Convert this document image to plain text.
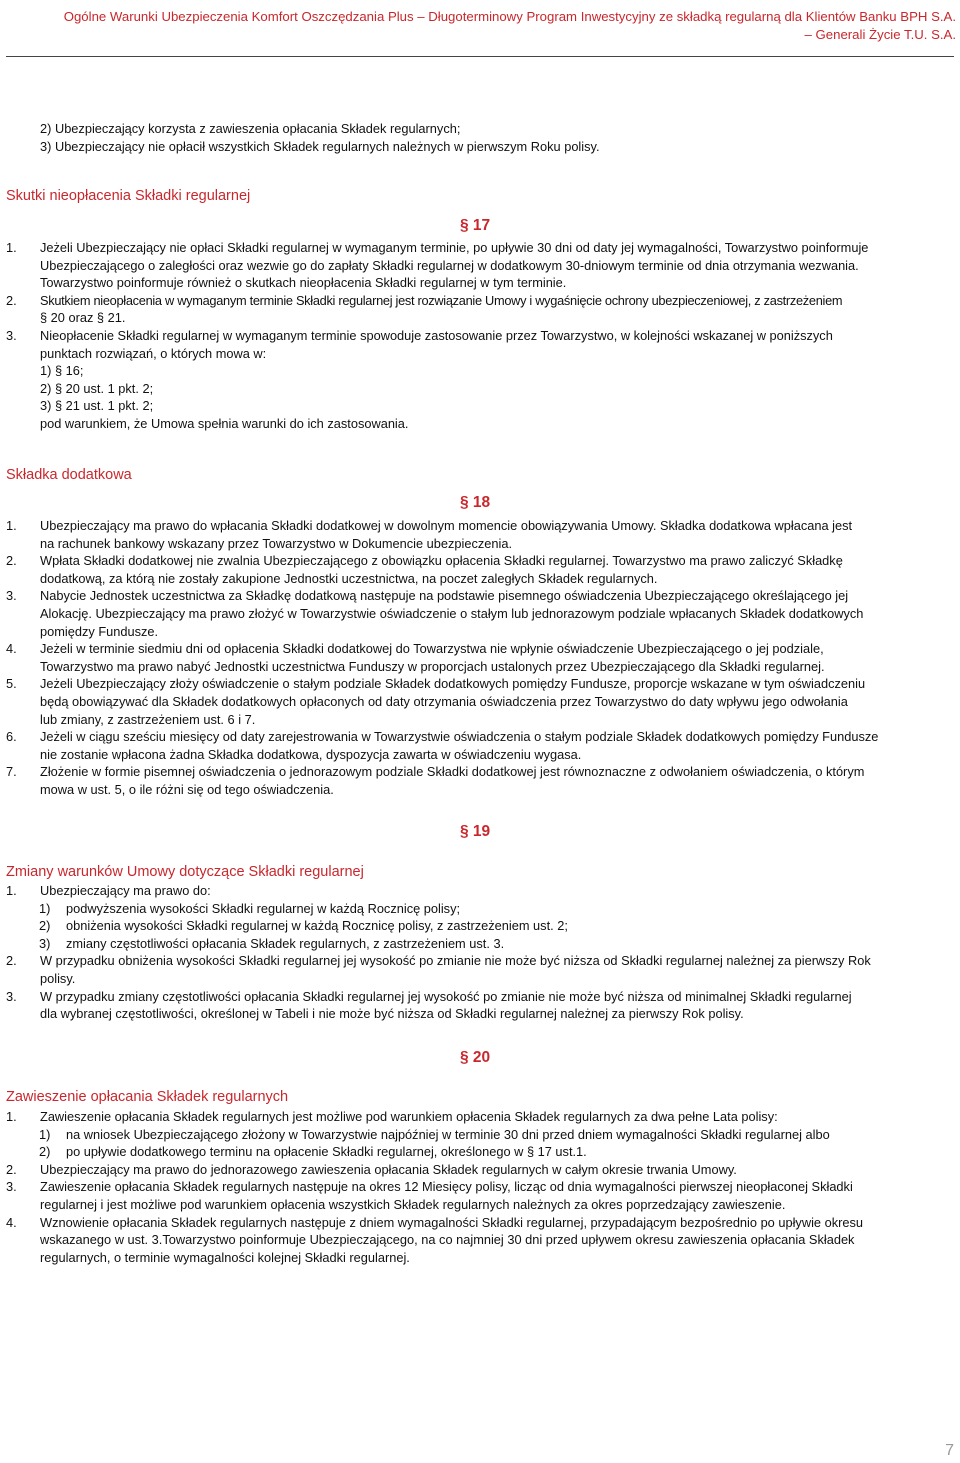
Ogólne Warunki Ubezpieczenia Komfort Oszczędzania Plus – Długoterminowy Program Inwestycyjny ze składką regularną dla Klientów Banku BPH S.A.
– Generali Życie T.U. S.A.
2) Ubezpieczający korzysta z zawieszenia opłacania Składek regularnych;
3) Ubezpieczający nie opłacił wszystkich Składek regularnych należnych w pierwszym Roku polisy.
Skutki nieopłacenia Składki regularnej
§ 17
1. Jeżeli Ubezpieczający nie opłaci Składki regularnej w wymaganym terminie, po upływie 30 dni od daty jej wymagalności, Towarzystwo poinformuje
Ubezpieczającego o zaległości oraz wezwie go do zapłaty Składki regularnej w dodatkowym 30-dniowym terminie od dnia otrzymania wezwania.
Towarzystwo poinformuje również o skutkach nieopłacenia Składki regularnej w tym terminie.
2. Skutkiem nieopłacenia w wymaganym terminie Składki regularnej jest rozwiązanie Umowy i wygaśnięcie ochrony ubezpieczeniowej, z zastrzeżeniem
§ 20 oraz § 21.
3. Nieopłacenie Składki regularnej w wymaganym terminie spowoduje zastosowanie przez Towarzystwo, w kolejności wskazanej w poniższych
punktach rozwiązań, o których mowa w:
1) § 16;
2) § 20 ust. 1 pkt. 2;
3) § 21 ust. 1 pkt. 2;
pod warunkiem, że Umowa spełnia warunki do ich zastosowania.
Składka dodatkowa
§ 18
1. Ubezpieczający ma prawo do wpłacania Składki dodatkowej w dowolnym momencie obowiązywania Umowy. Składka dodatkowa wpłacana jest
na rachunek bankowy wskazany przez Towarzystwo w Dokumencie ubezpieczenia.
2. Wpłata Składki dodatkowej nie zwalnia Ubezpieczającego z obowiązku opłacenia Składki regularnej. Towarzystwo ma prawo zaliczyć Składkę
dodatkową, za którą nie zostały zakupione Jednostki uczestnictwa, na poczet zaległych Składek regularnych.
3. Nabycie Jednostek uczestnictwa za Składkę dodatkową następuje na podstawie pisemnego oświadczenia Ubezpieczającego określającego jej
Alokację. Ubezpieczający ma prawo złożyć w Towarzystwie oświadczenie o stałym lub jednorazowym podziale wpłacanych Składek dodatkowych
pomiędzy Fundusze.
4. Jeżeli w terminie siedmiu dni od opłacenia Składki dodatkowej do Towarzystwa nie wpłynie oświadczenie Ubezpieczającego o jej podziale,
Towarzystwo ma prawo nabyć Jednostki uczestnictwa Funduszy w proporcjach ustalonych przez Ubezpieczającego dla Składki regularnej.
5. Jeżeli Ubezpieczający złoży oświadczenie o stałym podziale Składek dodatkowych pomiędzy Fundusze, proporcje wskazane w tym oświadczeniu
będą obowiązywać dla Składek dodatkowych opłaconych od daty otrzymania oświadczenia przez Towarzystwo do daty wpływu jego odwołania
lub zmiany, z zastrzeżeniem ust. 6 i 7.
6. Jeżeli w ciągu sześciu miesięcy od daty zarejestrowania w Towarzystwie oświadczenia o stałym podziale Składek dodatkowych pomiędzy Fundusze
nie zostanie wpłacona żadna Składka dodatkowa, dyspozycja zawarta w oświadczeniu wygasa.
7. Złożenie w formie pisemnej oświadczenia o jednorazowym podziale Składki dodatkowej jest równoznaczne z odwołaniem oświadczenia, o którym
mowa w ust. 5, o ile różni się od tego oświadczenia.
§ 19
Zmiany warunków Umowy dotyczące Składki regularnej
1. Ubezpieczający ma prawo do:
1) podwyższenia wysokości Składki regularnej w każdą Rocznicę polisy;
2) obniżenia wysokości Składki regularnej w każdą Rocznicę polisy, z zastrzeżeniem ust. 2;
3) zmiany częstotliwości opłacania Składek regularnych, z zastrzeżeniem ust. 3.
2. W przypadku obniżenia wysokości Składki regularnej jej wysokość po zmianie nie może być niższa od Składki regularnej należnej za pierwszy Rok
polisy.
3. W przypadku zmiany częstotliwości opłacania Składki regularnej jej wysokość po zmianie nie może być niższa od minimalnej Składki regularnej
dla wybranej częstotliwości, określonej w Tabeli i nie może być niższa od Składki regularnej należnej za pierwszy Rok polisy.
§ 20
Zawieszenie opłacania Składek regularnych
1. Zawieszenie opłacania Składek regularnych jest możliwe pod warunkiem opłacenia Składek regularnych za dwa pełne Lata polisy:
1) na wniosek Ubezpieczającego złożony w Towarzystwie najpóźniej w terminie 30 dni przed dniem wymagalności Składki regularnej albo
2) po upływie dodatkowego terminu na opłacenie Składki regularnej, określonego w § 17 ust.1.
2. Ubezpieczający ma prawo do jednorazowego zawieszenia opłacania Składek regularnych w całym okresie trwania Umowy.
3. Zawieszenie opłacania Składek regularnych następuje na okres 12 Miesięcy polisy, licząc od dnia wymagalności pierwszej nieopłaconej Składki
regularnej i jest możliwe pod warunkiem opłacenia wszystkich Składek regularnych należnych za okres poprzedzający zawieszenie.
4. Wznowienie opłacania Składek regularnych następuje z dniem wymagalności Składki regularnej, przypadającym bezpośrednio po upływie okresu
wskazanego w ust. 3.Towarzystwo poinformuje Ubezpieczającego, na co najmniej 30 dni przed upływem okresu zawieszenia opłacania Składek
regularnych, o terminie wymagalności kolejnej Składki regularnej.
7
